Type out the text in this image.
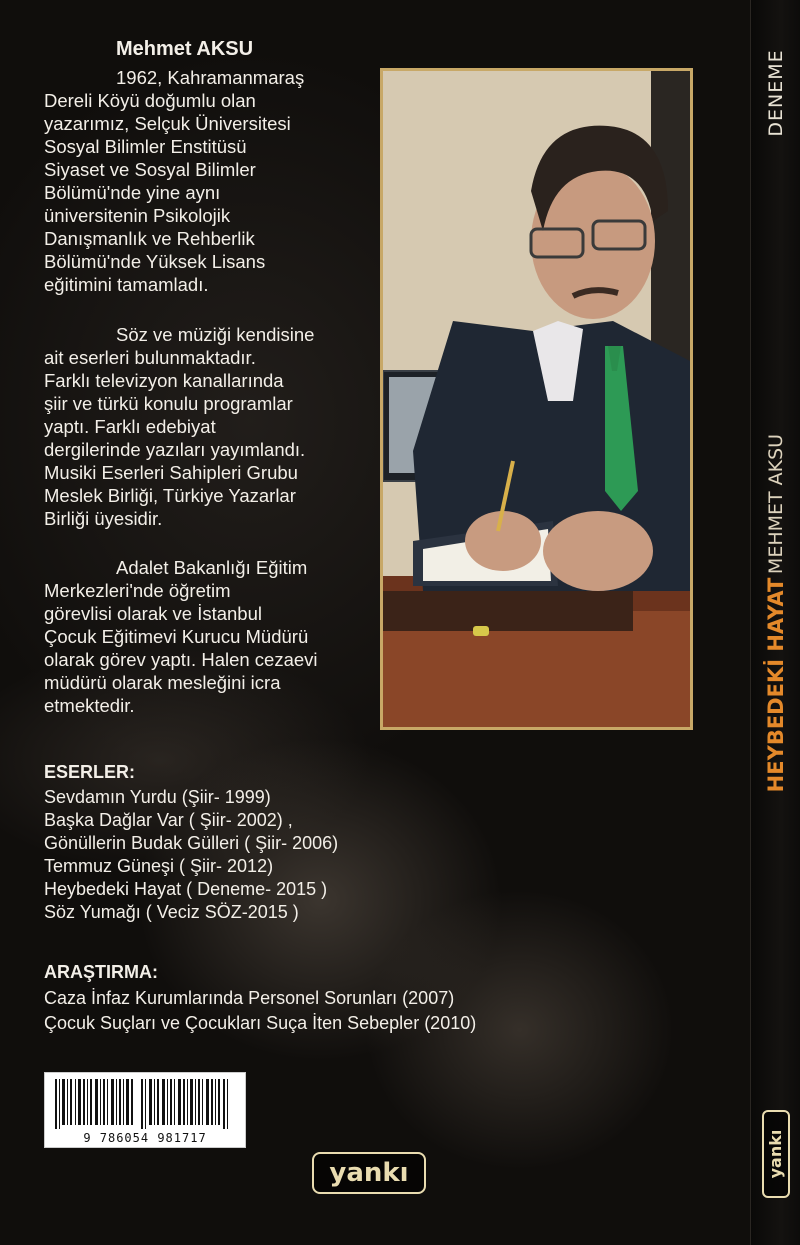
Mehmet AKSU
1962, Kahramanmaraş
Dereli Köyü doğumlu olan
yazarımız, Selçuk Üniversitesi
Sosyal Bilimler Enstitüsü
Siyaset ve Sosyal Bilimler
Bölümü'nde yine aynı
üniversitenin Psikolojik
Danışmanlık ve Rehberlik
Bölümü'nde Yüksek Lisans
eğitimini tamamladı.
Söz ve müziği kendisine
ait eserleri bulunmaktadır.
Farklı televizyon kanallarında
şiir ve türkü konulu programlar
yaptı. Farklı edebiyat
dergilerinde yazıları yayımlandı.
Musiki Eserleri Sahipleri Grubu
Meslek Birliği, Türkiye Yazarlar
Birliği üyesidir.
Adalet Bakanlığı Eğitim
Merkezleri'nde öğretim
görevlisi olarak ve İstanbul
Çocuk Eğitimevi Kurucu Müdürü
olarak görev yaptı. Halen cezaevi
müdürü olarak mesleğini icra
etmektedir.
ESERLER:
Sevdamın Yurdu (Şiir- 1999)
Başka Dağlar Var ( Şiir- 2002) ,
Gönüllerin Budak Gülleri ( Şiir- 2006)
Temmuz Güneşi ( Şiir- 2012)
Heybedeki Hayat ( Deneme- 2015 )
Söz Yumağı ( Veciz SÖZ-2015 )
ARAŞTIRMA:
Caza İnfaz Kurumlarında Personel Sorunları (2007)
Çocuk Suçları ve Çocukları Suça İten Sebepler (2010)
9 786054 981717
yankı
DENEME
MEHMET AKSU
HEYBEDEKİ HAYAT
yankı
